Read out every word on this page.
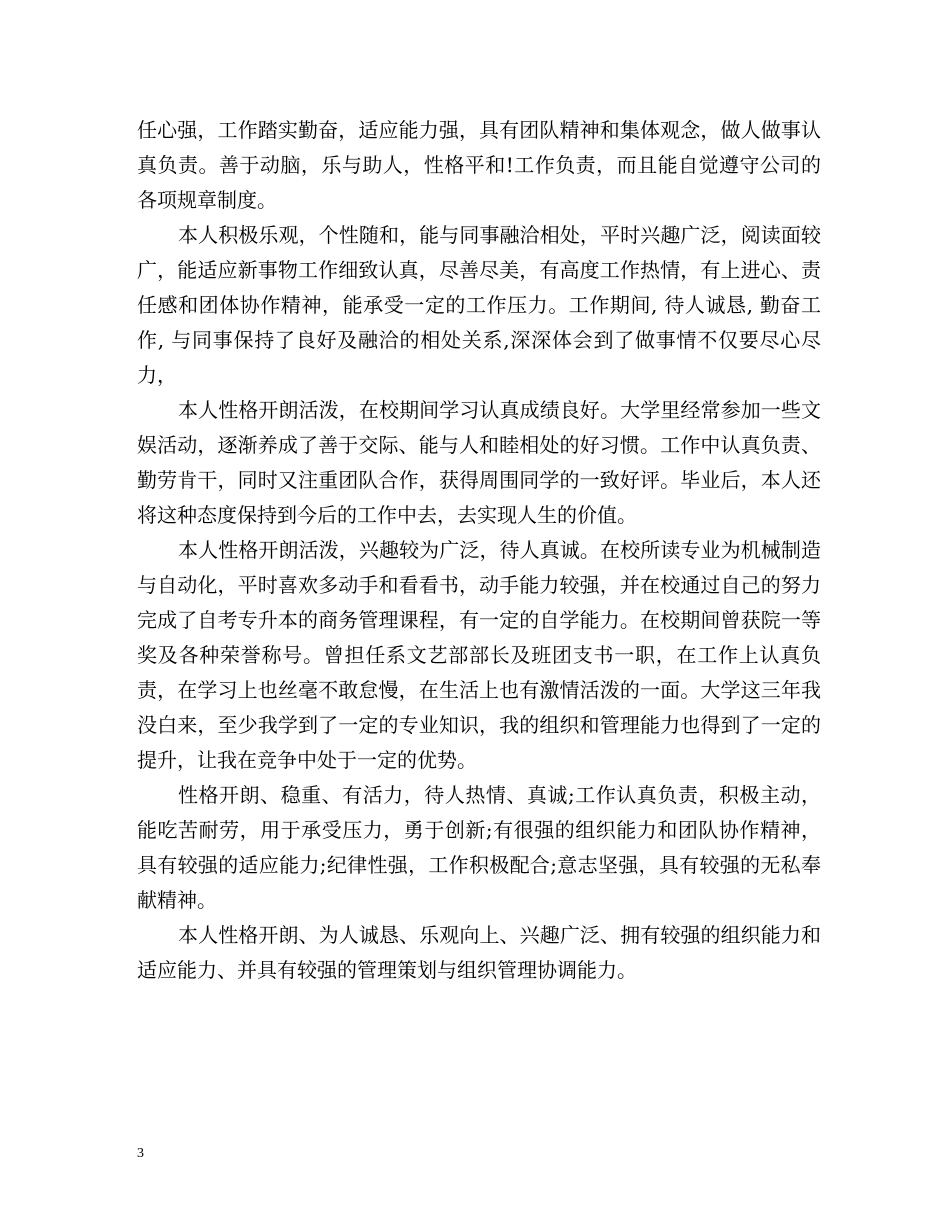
任心强，工作踏实勤奋，适应能力强，具有团队精神和集体观念，做人做事认真负责。善于动脑，乐与助人，性格平和!工作负责，而且能自觉遵守公司的各项规章制度。

本人积极乐观，个性随和，能与同事融洽相处，平时兴趣广泛，阅读面较广，能适应新事物工作细致认真，尽善尽美，有高度工作热情，有上进心、责任感和团体协作精神，能承受一定的工作压力。工作期间, 待人诚恳, 勤奋工作, 与同事保持了良好及融洽的相处关系,深深体会到了做事情不仅要尽心尽力，

本人性格开朗活泼，在校期间学习认真成绩良好。大学里经常参加一些文娱活动，逐渐养成了善于交际、能与人和睦相处的好习惯。工作中认真负责、勤劳肯干，同时又注重团队合作，获得周围同学的一致好评。毕业后，本人还将这种态度保持到今后的工作中去，去实现人生的价值。

本人性格开朗活泼，兴趣较为广泛，待人真诚。在校所读专业为机械制造与自动化，平时喜欢多动手和看看书，动手能力较强，并在校通过自己的努力完成了自考专升本的商务管理课程，有一定的自学能力。在校期间曾获院一等奖及各种荣誉称号。曾担任系文艺部部长及班团支书一职，在工作上认真负责，在学习上也丝毫不敢怠慢，在生活上也有激情活泼的一面。大学这三年我没白来，至少我学到了一定的专业知识，我的组织和管理能力也得到了一定的提升，让我在竞争中处于一定的优势。

性格开朗、稳重、有活力，待人热情、真诚;工作认真负责，积极主动，能吃苦耐劳，用于承受压力，勇于创新;有很强的组织能力和团队协作精神，具有较强的适应能力;纪律性强，工作积极配合;意志坚强，具有较强的无私奉献精神。

本人性格开朗、为人诚恳、乐观向上、兴趣广泛、拥有较强的组织能力和适应能力、并具有较强的管理策划与组织管理协调能力。

3
